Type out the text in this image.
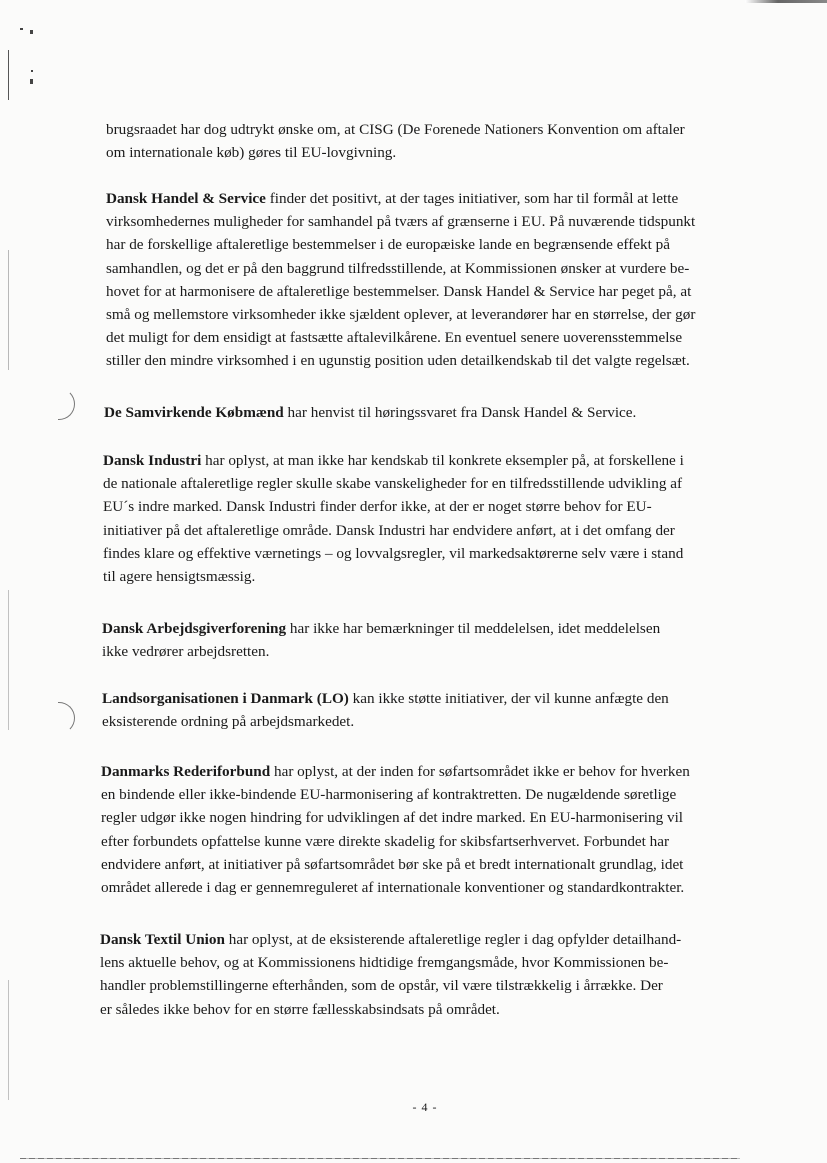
brugsraadet har dog udtrykt ønske om, at CISG (De Forenede Nationers Konvention om aftaler
om internationale køb) gøres til EU-lovgivning.
Dansk Handel & Service finder det positivt, at der tages initiativer, som har til formål at lette
virksomhedernes muligheder for samhandel på tværs af grænserne i EU. På nuværende tidspunkt
har de forskellige aftaleretlige bestemmelser i de europæiske lande en begrænsende effekt på
samhandlen, og det er på den baggrund tilfredsstillende, at Kommissionen ønsker at vurdere be-
hovet for at harmonisere de aftaleretlige bestemmelser. Dansk Handel & Service har peget på, at
små og mellemstore virksomheder ikke sjældent oplever, at leverandører har en størrelse, der gør
det muligt for dem ensidigt at fastsætte aftalevilkårene. En eventuel senere uoverensstemmelse
stiller den mindre virksomhed i en ugunstig position uden detailkendskab til det valgte regelsæt.
De Samvirkende Købmænd har henvist til høringssvaret fra Dansk Handel & Service.
Dansk Industri har oplyst, at man ikke har kendskab til konkrete eksempler på, at forskellene i
de nationale aftaleretlige regler skulle skabe vanskeligheder for en tilfredsstillende udvikling af
EU´s indre marked. Dansk Industri finder derfor ikke, at der er noget større behov for EU-
initiativer på det aftaleretlige område. Dansk Industri har endvidere anført, at i det omfang der
findes klare og effektive værnetings – og lovvalgsregler, vil markedsaktørerne selv være i stand
til agere hensigtsmæssig.
Dansk Arbejdsgiverforening har ikke har bemærkninger til meddelelsen, idet meddelelsen
ikke vedrører arbejdsretten.
Landsorganisationen i Danmark (LO) kan ikke støtte initiativer, der vil kunne anfægte den
eksisterende ordning på arbejdsmarkedet.
Danmarks Rederiforbund har oplyst, at der inden for søfartsområdet ikke er behov for hverken
en bindende eller ikke-bindende EU-harmonisering af kontraktretten. De nugældende søretlige
regler udgør ikke nogen hindring for udviklingen af det indre marked. En EU-harmonisering vil
efter forbundets opfattelse kunne være direkte skadelig for skibsfartserhvervet. Forbundet har
endvidere anført, at initiativer på søfartsområdet bør ske på et bredt internationalt grundlag, idet
området allerede i dag er gennemreguleret af internationale konventioner og standardkontrakter.
Dansk Textil Union har oplyst, at de eksisterende aftaleretlige regler i dag opfylder detailhand-
lens aktuelle behov, og at Kommissionens hidtidige fremgangsmåde, hvor Kommissionen be-
handler problemstillingerne efterhånden, som de opstår, vil være tilstrækkelig i årrække. Der
er således ikke behov for en større fællesskabsindsats på området.
- 4 -
